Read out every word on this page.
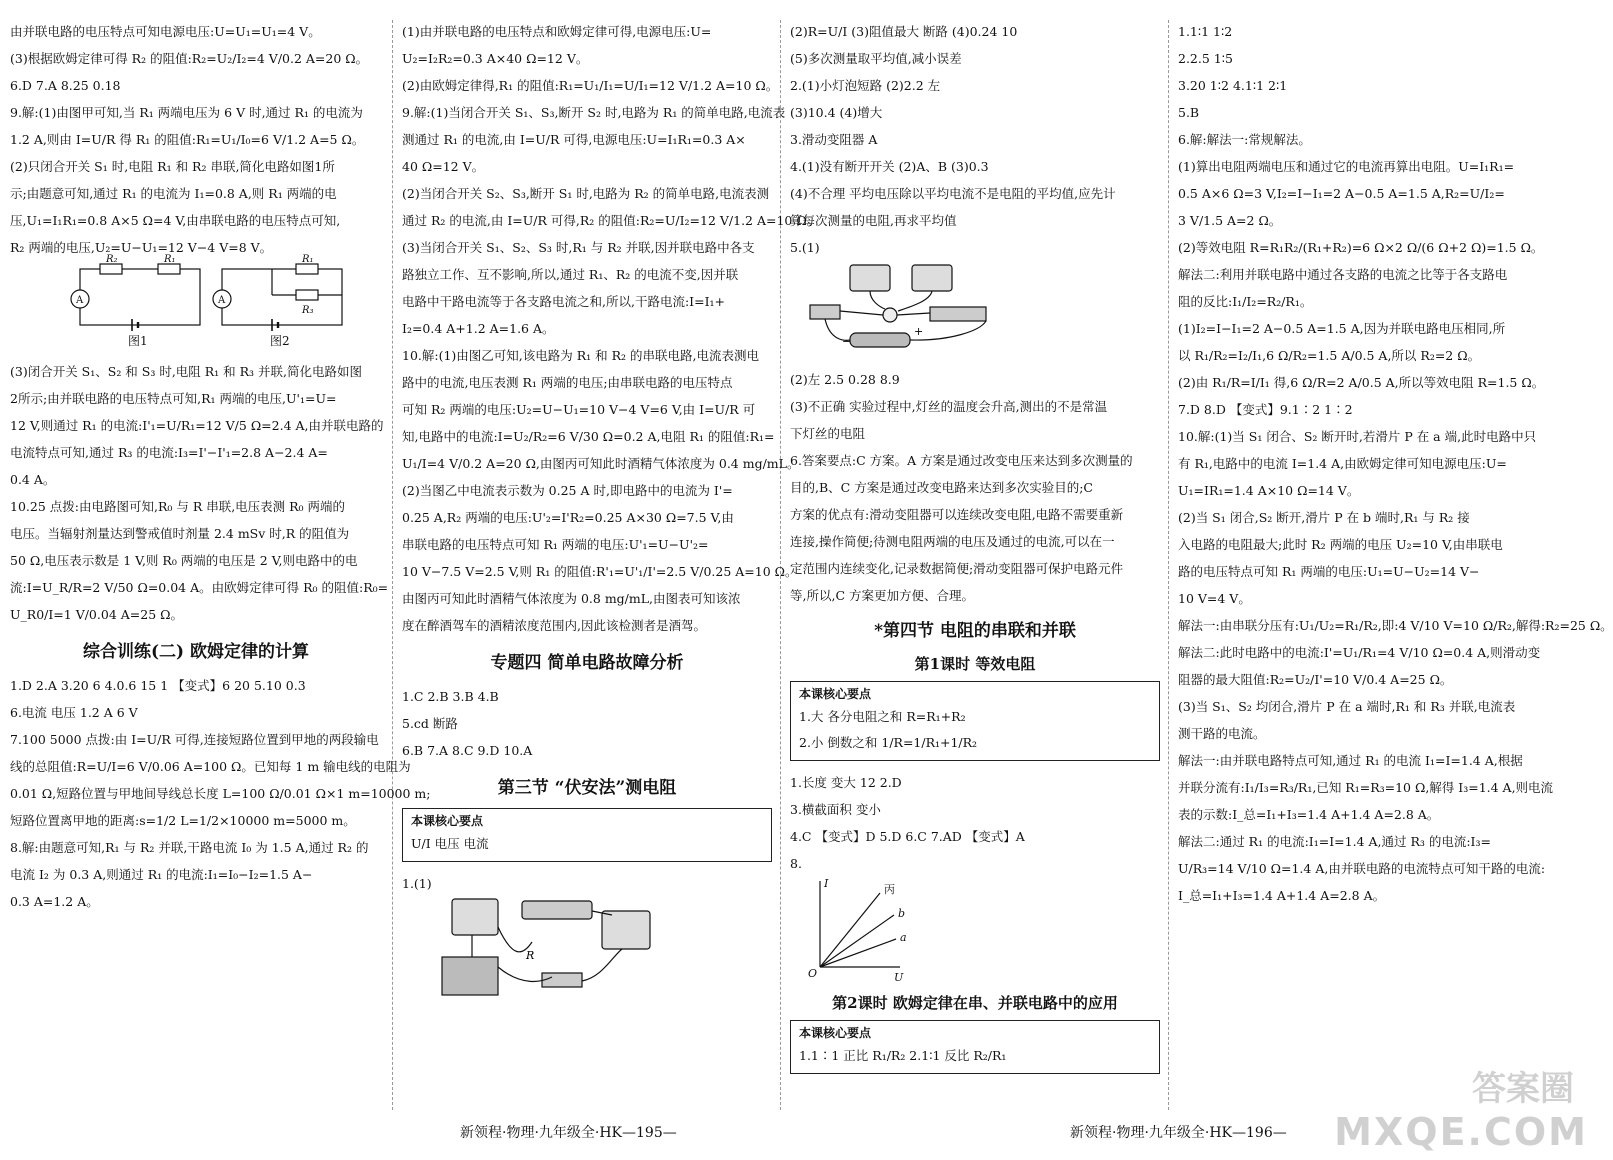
由并联电路的电压特点可知电源电压:U=U₁=U₁=4 V。

(3)根据欧姆定律可得 R₂ 的阻值:R₂=U₂/I₂=4 V/0.2 A=20 Ω。

6.D 7.A 8.25 0.18

9.解:(1)由图甲可知,当 R₁ 两端电压为 6 V 时,通过 R₁ 的电流为

1.2 A,则由 I=U/R 得 R₁ 的阻值:R₁=U₁/I₀=6 V/1.2 A=5 Ω。

(2)只闭合开关 S₁ 时,电阻 R₁ 和 R₂ 串联,简化电路如图1所

示;由题意可知,通过 R₁ 的电流为 I₁=0.8 A,则 R₁ 两端的电

压,U₁=I₁R₁=0.8 A×5 Ω=4 V,由串联电路的电压特点可知,

R₂ 两端的电压,U₂=U−U₁=12 V−4 V=8 V。

A	A
R₂	R₁	R₁
R₃
图1	图2

(3)闭合开关 S₁、S₂ 和 S₃ 时,电阻 R₁ 和 R₃ 并联,简化电路如图

2所示;由并联电路的电压特点可知,R₁ 两端的电压,U'₁=U=

12 V,则通过 R₁ 的电流:I'₁=U/R₁=12 V/5 Ω=2.4 A,由并联电路的

电流特点可知,通过 R₃ 的电流:I₃=I'−I'₁=2.8 A−2.4 A=

0.4 A。

10.25 点拨:由电路图可知,R₀ 与 R 串联,电压表测 R₀ 两端的

电压。当辐射剂量达到警戒值时剂量 2.4 mSv 时,R 的阻值为

50 Ω,电压表示数是 1 V,则 R₀ 两端的电压是 2 V,则电路中的电

流:I=U_R/R=2 V/50 Ω=0.04 A。由欧姆定律可得 R₀ 的阻值:R₀=

U_R0/I=1 V/0.04 A=25 Ω。

综合训练(二) 欧姆定律的计算

1.D 2.A 3.20 6 4.0.6 15 1 【变式】6 20 5.10 0.3

6.电流 电压 1.2 A 6 V

7.100 5000 点拨:由 I=U/R 可得,连接短路位置到甲地的两段输电

线的总阻值:R=U/I=6 V/0.06 A=100 Ω。已知每 1 m 输电线的电阻为

0.01 Ω,短路位置与甲地间导线总长度 L=100 Ω/0.01 Ω×1 m=10000 m;

短路位置离甲地的距离:s=1/2 L=1/2×10000 m=5000 m。

8.解:由题意可知,R₁ 与 R₂ 并联,干路电流 I₀ 为 1.5 A,通过 R₂ 的

电流 I₂ 为 0.3 A,则通过 R₁ 的电流:I₁=I₀−I₂=1.5 A−

0.3 A=1.2 A。

(1)由并联电路的电压特点和欧姆定律可得,电源电压:U=

U₂=I₂R₂=0.3 A×40 Ω=12 V。

(2)由欧姆定律得,R₁ 的阻值:R₁=U₁/I₁=U/I₁=12 V/1.2 A=10 Ω。

9.解:(1)当闭合开关 S₁、S₃,断开 S₂ 时,电路为 R₁ 的简单电路,电流表

测通过 R₁ 的电流,由 I=U/R 可得,电源电压:U=I₁R₁=0.3 A×

40 Ω=12 V。

(2)当闭合开关 S₂、S₃,断开 S₁ 时,电路为 R₂ 的简单电路,电流表测

通过 R₂ 的电流,由 I=U/R 可得,R₂ 的阻值:R₂=U/I₂=12 V/1.2 A=10 Ω。

(3)当闭合开关 S₁、S₂、S₃ 时,R₁ 与 R₂ 并联,因并联电路中各支

路独立工作、互不影响,所以,通过 R₁、R₂ 的电流不变,因并联

电路中干路电流等于各支路电流之和,所以,干路电流:I=I₁+

I₂=0.4 A+1.2 A=1.6 A。

10.解:(1)由图乙可知,该电路为 R₁ 和 R₂ 的串联电路,电流表测电

路中的电流,电压表测 R₁ 两端的电压;由串联电路的电压特点

可知 R₂ 两端的电压:U₂=U−U₁=10 V−4 V=6 V,由 I=U/R 可

知,电路中的电流:I=U₂/R₂=6 V/30 Ω=0.2 A,电阻 R₁ 的阻值:R₁=

U₁/I=4 V/0.2 A=20 Ω,由图丙可知此时酒精气体浓度为 0.4 mg/mL。

(2)当图乙中电流表示数为 0.25 A 时,即电路中的电流为 I'=

0.25 A,R₂ 两端的电压:U'₂=I'R₂=0.25 A×30 Ω=7.5 V,由

串联电路的电压特点可知 R₁ 两端的电压:U'₁=U−U'₂=

10 V−7.5 V=2.5 V,则 R₁ 的阻值:R'₁=U'₁/I'=2.5 V/0.25 A=10 Ω。

由图丙可知此时酒精气体浓度为 0.8 mg/mL,由图表可知该浓

度在醉酒驾车的酒精浓度范围内,因此该检测者是酒驾。

专题四 简单电路故障分析

1.C 2.B 3.B 4.B

5.cd 断路

6.B 7.A 8.C 9.D 10.A

第三节 “伏安法”测电阻
本课核心要点
U/I 电压 电流

1.(1)

R

(2)R=U/I (3)阻值最大 断路 (4)0.24 10

(5)多次测量取平均值,减小误差

2.(1)小灯泡短路 (2)2.2 左

(3)10.4 (4)增大

3.滑动变阻器 A

4.(1)没有断开开关 (2)A、B (3)0.3

(4)不合理 平均电压除以平均电流不是电阻的平均值,应先计

算每次测量的电阻,再求平均值

5.(1)

−
+

(2)左 2.5 0.28 8.9

(3)不正确 实验过程中,灯丝的温度会升高,测出的不是常温

下灯丝的电阻

6.答案要点:C 方案。A 方案是通过改变电压来达到多次测量的

目的,B、C 方案是通过改变电路来达到多次实验目的;C

方案的优点有:滑动变阻器可以连续改变电阻,电路不需要重新

连接,操作简便;待测电阻两端的电压及通过的电流,可以在一

定范围内连续变化,记录数据简便;滑动变阻器可保护电路元件

等,所以,C 方案更加方便、合理。

*第四节 电阻的串联和并联
第1课时 等效电阻
本课核心要点
1.大 各分电阻之和 R=R₁+R₂
2.小 倒数之和 1/R=1/R₁+1/R₂

1.长度 变大 12 2.D

3.横截面积 变小

4.C 【变式】D 5.D 6.C 7.AD 【变式】A

8.

I
U
O
丙
b
a
第2课时 欧姆定律在串、并联电路中的应用
本课核心要点
1.1∶1 正比 R₁/R₂ 2.1∶1 反比 R₂/R₁

1.1∶1 1∶2

2.2.5 1∶5

3.20 1∶2 4.1∶1 2∶1

5.B

6.解:解法一:常规解法。

(1)算出电阻两端电压和通过它的电流再算出电阻。U=I₁R₁=

0.5 A×6 Ω=3 V,I₂=I−I₁=2 A−0.5 A=1.5 A,R₂=U/I₂=

3 V/1.5 A=2 Ω。

(2)等效电阻 R=R₁R₂/(R₁+R₂)=6 Ω×2 Ω/(6 Ω+2 Ω)=1.5 Ω。

解法二:利用并联电路中通过各支路的电流之比等于各支路电

阻的反比:I₁/I₂=R₂/R₁。

(1)I₂=I−I₁=2 A−0.5 A=1.5 A,因为并联电路电压相同,所

以 R₁/R₂=I₂/I₁,6 Ω/R₂=1.5 A/0.5 A,所以 R₂=2 Ω。

(2)由 R₁/R=I/I₁ 得,6 Ω/R=2 A/0.5 A,所以等效电阻 R=1.5 Ω。

7.D 8.D 【变式】9.1∶2 1∶2

10.解:(1)当 S₁ 闭合、S₂ 断开时,若滑片 P 在 a 端,此时电路中只

有 R₁,电路中的电流 I=1.4 A,由欧姆定律可知电源电压:U=

U₁=IR₁=1.4 A×10 Ω=14 V。

(2)当 S₁ 闭合,S₂ 断开,滑片 P 在 b 端时,R₁ 与 R₂ 接

入电路的电阻最大;此时 R₂ 两端的电压 U₂=10 V,由串联电

路的电压特点可知 R₁ 两端的电压:U₁=U−U₂=14 V−

10 V=4 V。

解法一:由串联分压有:U₁/U₂=R₁/R₂,即:4 V/10 V=10 Ω/R₂,解得:R₂=25 Ω。

解法二:此时电路中的电流:I'=U₁/R₁=4 V/10 Ω=0.4 A,则滑动变

阻器的最大阻值:R₂=U₂/I'=10 V/0.4 A=25 Ω。

(3)当 S₁、S₂ 均闭合,滑片 P 在 a 端时,R₁ 和 R₃ 并联,电流表

测干路的电流。

解法一:由并联电路特点可知,通过 R₁ 的电流 I₁=I=1.4 A,根据

并联分流有:I₁/I₃=R₃/R₁,已知 R₁=R₃=10 Ω,解得 I₃=1.4 A,则电流

表的示数:I_总=I₁+I₃=1.4 A+1.4 A=2.8 A。

解法二:通过 R₁ 的电流:I₁=I=1.4 A,通过 R₃ 的电流:I₃=

U/R₃=14 V/10 Ω=1.4 A,由并联电路的电流特点可知干路的电流:

I_总=I₁+I₃=1.4 A+1.4 A=2.8 A。

新领程·物理·九年级全·HK—195—	新领程·物理·九年级全·HK—196—
答案圈
MXQE.COM
